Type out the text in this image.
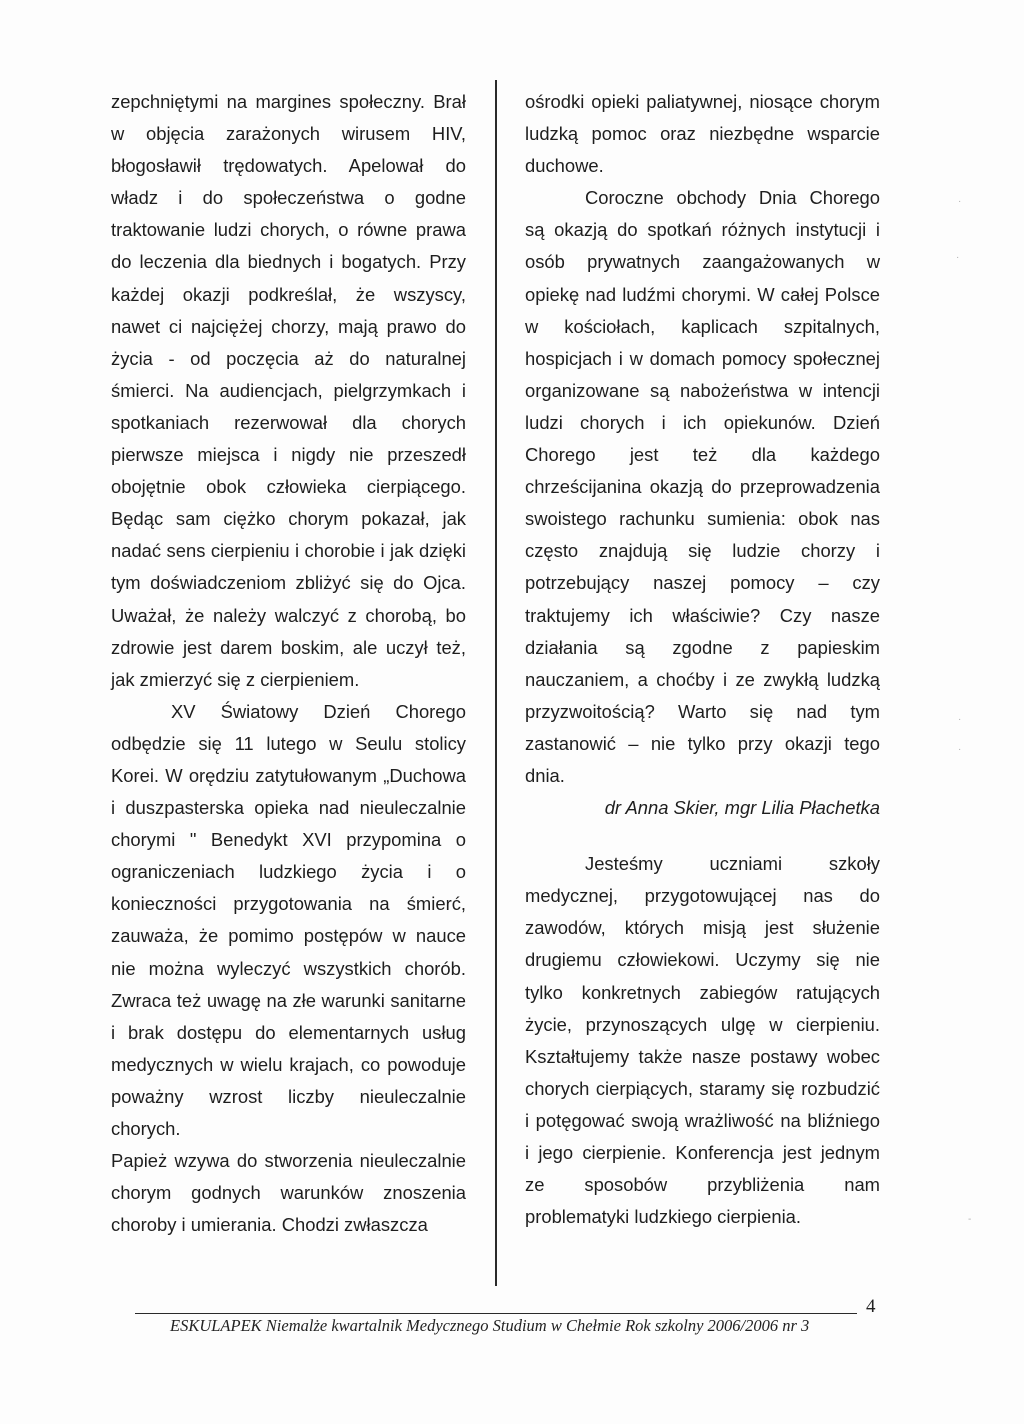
zepchniętymi na margines społeczny. Brał w objęcia zarażonych wirusem HIV, błogosławił trędowatych. Apelował do władz i do społeczeństwa o godne traktowanie ludzi chorych, o równe prawa do leczenia dla biednych i bogatych. Przy każdej okazji podkreślał, że wszyscy, nawet ci najciężej chorzy, mają prawo do życia - od poczęcia aż do naturalnej śmierci. Na audiencjach, pielgrzymkach i spotkaniach rezerwował dla chorych pierwsze miejsca i nigdy nie przeszedł obojętnie obok człowieka cierpiącego. Będąc sam ciężko chorym pokazał, jak nadać sens cierpieniu i chorobie i jak dzięki tym doświadczeniom zbliżyć się do Ojca. Uważał, że należy walczyć z chorobą, bo zdrowie jest darem boskim, ale uczył też, jak zmierzyć się z cierpieniem.

XV Światowy Dzień Chorego odbędzie się 11 lutego w Seulu stolicy Korei. W orędziu zatytułowanym „Duchowa i duszpasterska opieka nad nieuleczalnie chorymi " Benedykt XVI przypomina o ograniczeniach ludzkiego życia i o konieczności przygotowania na śmierć, zauważa, że pomimo postępów w nauce nie można wyleczyć wszystkich chorób. Zwraca też uwagę na złe warunki sanitarne i brak dostępu do elementarnych usług medycznych w wielu krajach, co powoduje poważny wzrost liczby nieuleczalnie chorych.

Papież wzywa do stworzenia nieuleczalnie chorym godnych warunków znoszenia choroby i umierania. Chodzi zwłaszcza

ośrodki opieki paliatywnej, niosące chorym ludzką pomoc oraz niezbędne wsparcie duchowe.

Coroczne obchody Dnia Chorego są okazją do spotkań różnych instytucji i osób prywatnych zaangażowanych w opiekę nad ludźmi chorymi. W całej Polsce w kościołach, kaplicach szpitalnych, hospicjach i w domach pomocy społecznej organizowane są nabożeństwa w intencji ludzi chorych i ich opiekunów. Dzień Chorego jest też dla każdego chrześcijanina okazją do przeprowadzenia swoistego rachunku sumienia: obok nas często znajdują się ludzie chorzy i potrzebujący naszej pomocy – czy traktujemy ich właściwie? Czy nasze działania są zgodne z papieskim nauczaniem, a choćby i ze zwykłą ludzką przyzwoitością? Warto się nad tym zastanowić – nie tylko przy okazji tego dnia.

dr Anna Skier, mgr Lilia Płachetka

Jesteśmy uczniami szkoły medycznej, przygotowującej nas do zawodów, których misją jest służenie drugiemu człowiekowi. Uczymy się nie tylko konkretnych zabiegów ratujących życie, przynoszących ulgę w cierpieniu. Kształtujemy także nasze postawy wobec chorych cierpiących, staramy się rozbudzić i potęgować swoją wrażliwość na bliźniego i jego cierpienie. Konferencja jest jednym ze sposobów przybliżenia nam problematyki ludzkiego cierpienia.

4
ESKULAPEK Niemalże kwartalnik Medycznego Studium w Chełmie Rok szkolny 2006/2006 nr 3
·
·
·
·
-
